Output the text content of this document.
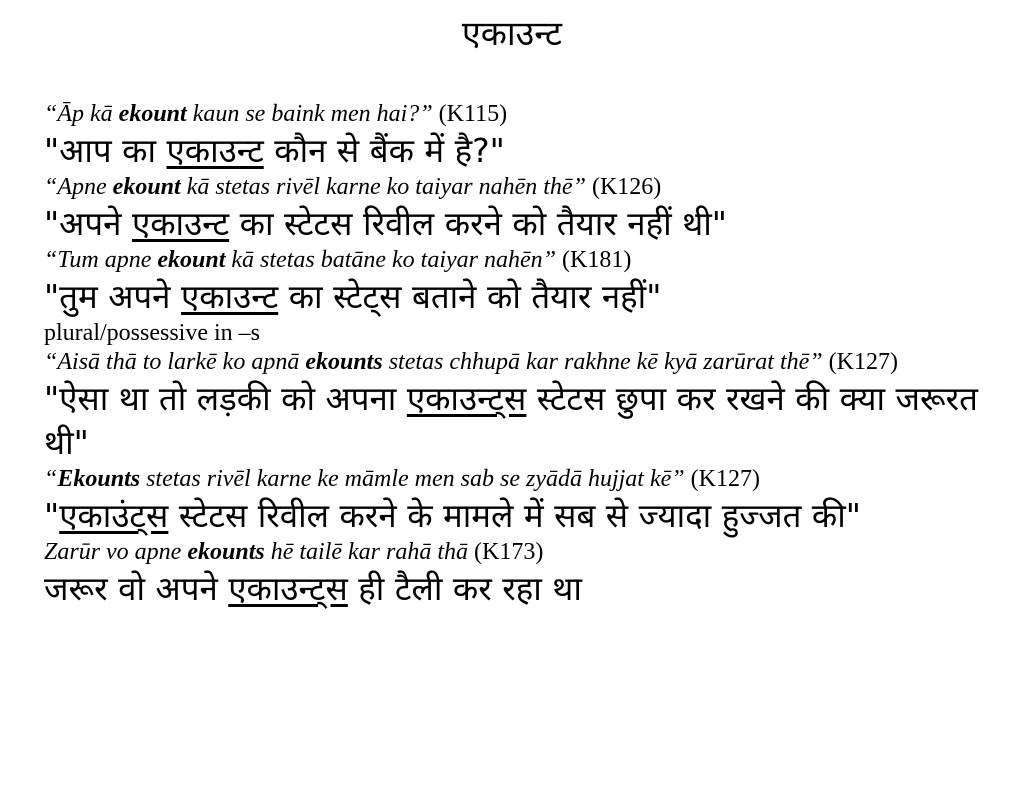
एकाउन्ट
“Āp kā ekount kaun se baink men hai?” (K115)
"आप का एकाउन्ट कौन से बैंक में है?"
“Apne ekount kā stetas rivēl karne ko taiyar nahēn thē” (K126)
"अपने एकाउन्ट का स्टेटस रिवील करने को तैयार नहीं थी"
“Tum apne ekount kā stetas batāne ko taiyar nahēn” (K181)
"तुम अपने एकाउन्ट का स्टेट्स बताने को तैयार नहीं"
plural/possessive in –s
“Aisā thā to larkē ko apnā ekounts stetas chhupā kar rakhne kē kyā zarūrat thē” (K127)
"ऐसा था तो लड़की को अपना एकाउन्ट्स स्टेटस छुपा कर रखने की क्या जरूरत थी"
“Ekounts stetas rivēl karne ke māmle men sab se zyādā hujjat kē” (K127)
"एकाउंट्स स्टेटस रिवील करने के मामले में सब से ज्यादा हुज्जत की"
Zarūr vo apne ekounts hē tailē kar rahā thā (K173)
जरूर वो अपने एकाउन्ट्स ही टैली कर रहा था
